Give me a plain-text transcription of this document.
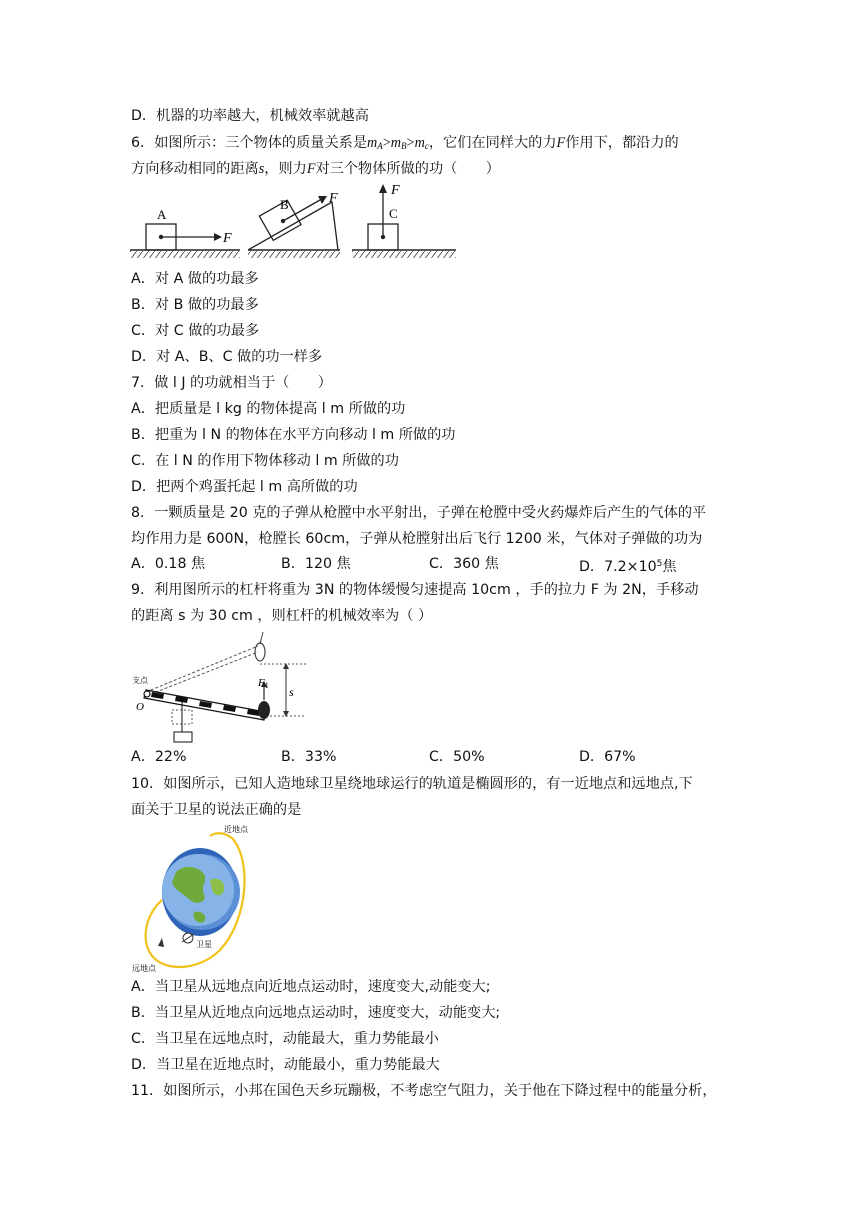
D．机器的功率越大，机械效率就越高
6．如图所示：三个物体的质量关系是$m_A>m_B>m_c$，它们在同样大的力F作用下，都沿力的
方向移动相同的距离s，则力F对三个物体所做的功（　　）
A
F
B	F
C
F
A．对 A 做的功最多
B．对 B 做的功最多
C．对 C 做的功最多
D．对 A、B、C 做的功一样多
7．做 l J 的功就相当于（　　）
A．把质量是 l kg 的物体提高 l m 所做的功
B．把重为 l N 的物体在水平方向移动 l m 所做的功
C．在 l N 的作用下物体移动 l m 所做的功
D．把两个鸡蛋托起 l m 高所做的功
8．一颗质量是 20 克的子弹从枪膛中水平射出，子弹在枪膛中受火药爆炸后产生的气体的平
均作用力是 600N，枪膛长 60cm，子弹从枪膛射出后飞行 1200 米，气体对子弹做的功为
A．0.18 焦	B．120 焦	C．360 焦	D．$7.2\times 10^5$焦
9．利用图所示的杠杆将重为 3N 的物体缓慢匀速提高 10cm ，手的拉力 F 为 2N，手移动
的距离 s 为 30 cm ，则杠杆的机械效率为（ ）
s
支点
O
F1
A．22%	B．33%	C．50%	D．67%
10．如图所示，已知人造地球卫星绕地球运行的轨道是椭圆形的，有一近地点和远地点,下
面关于卫星的说法正确的是
近地点
卫星
远地点
A．当卫星从远地点向近地点运动时，速度变大,动能变大;
B．当卫星从近地点向远地点运动时，速度变大，动能变大;
C．当卫星在远地点时，动能最大，重力势能最小
D．当卫星在近地点时，动能最小，重力势能最大
11．如图所示，小邦在国色天乡玩蹦极，不考虑空气阻力，关于他在下降过程中的能量分析，
